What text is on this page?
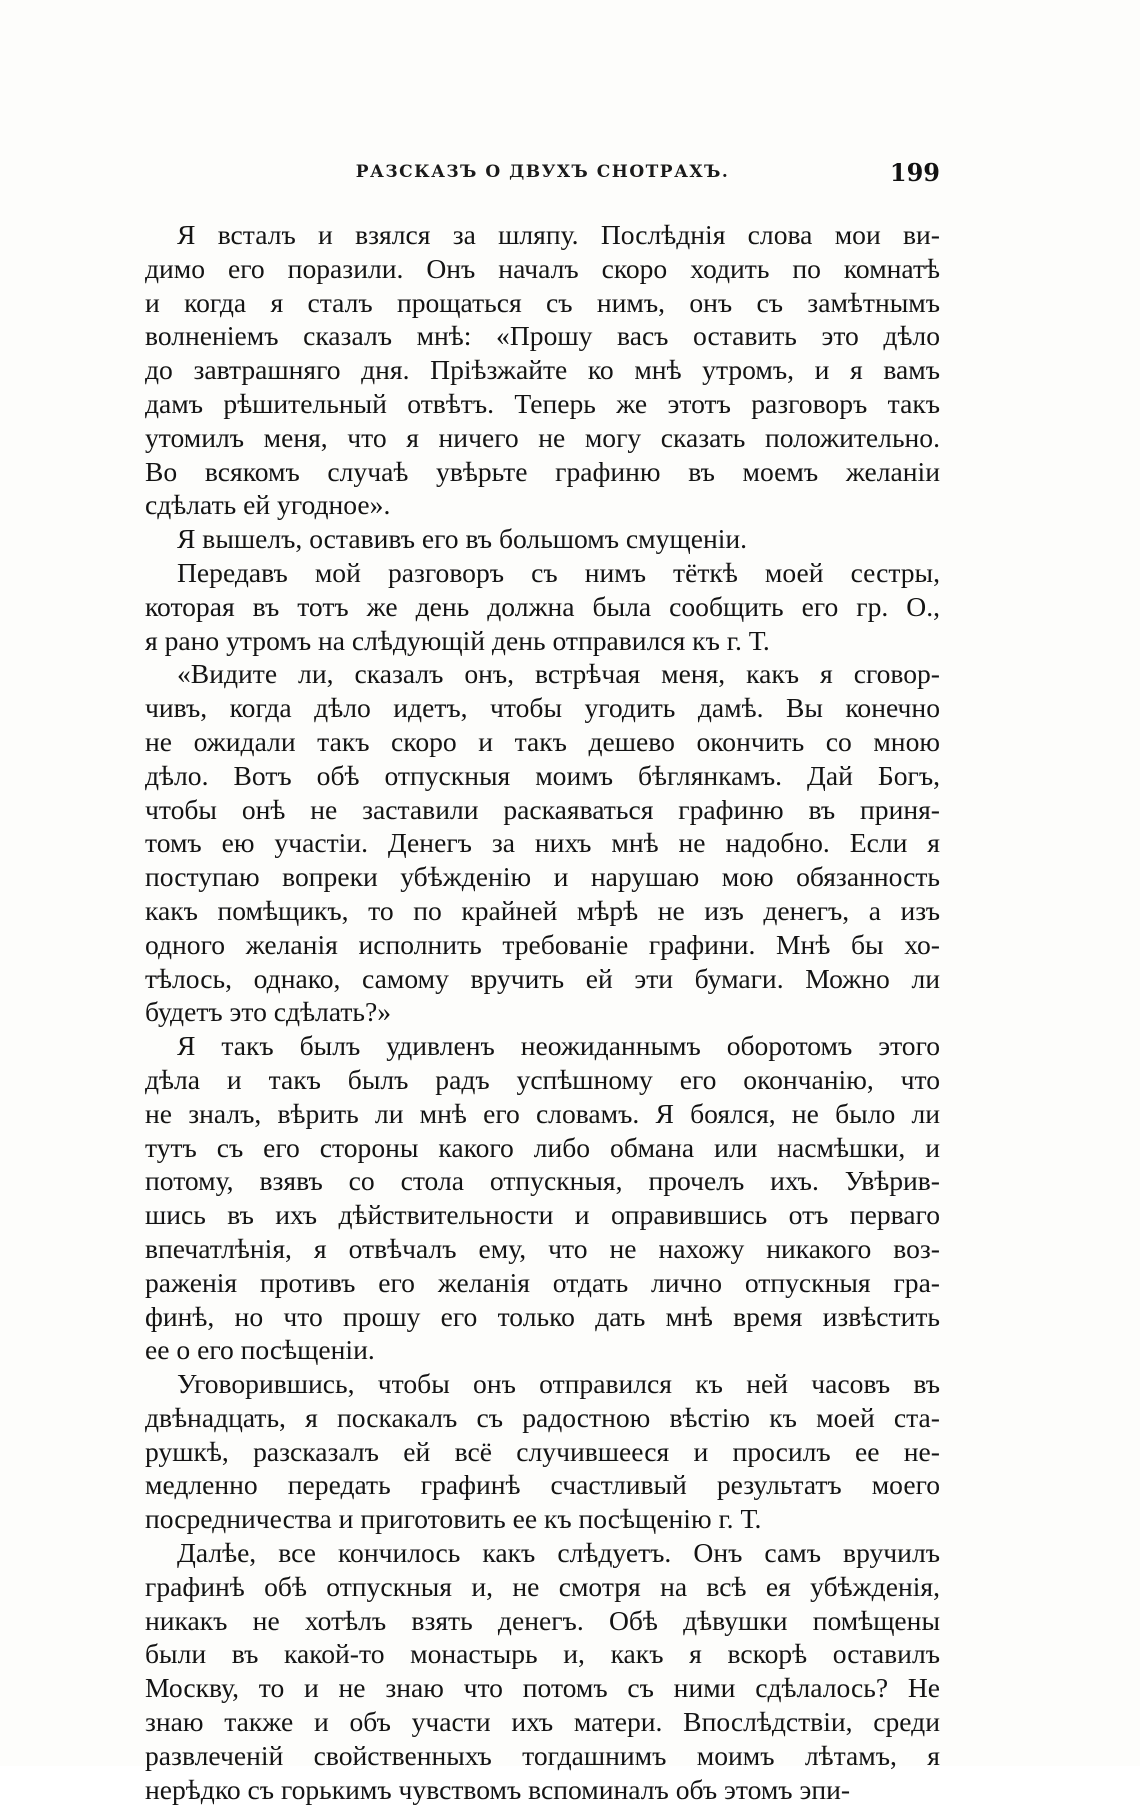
РАЗСКАЗЪ О ДВУХЪ СНОТРАХЪ.	199
Я всталъ и взялся за шляпу. Послѣднія слова мои ви-
димо его поразили. Онъ началъ скоро ходить по комнатѣ
и когда я сталъ прощаться съ нимъ, онъ съ замѣтнымъ
волненіемъ сказалъ мнѣ: «Прошу васъ оставить это дѣло
до завтрашняго дня. Пріѣзжайте ко мнѣ утромъ, и я вамъ
дамъ рѣшительный отвѣтъ. Теперь же этотъ разговоръ такъ
утомилъ меня, что я ничего не могу сказать положительно.
Во всякомъ случаѣ увѣрьте графиню въ моемъ желаніи
сдѣлать ей угодное».
Я вышелъ, оставивъ его въ большомъ смущеніи.
Передавъ мой разговоръ съ нимъ тёткѣ моей сестры,
которая въ тотъ же день должна была сообщить его гр. О.,
я рано утромъ на слѣдующій день отправился къ г. Т.
«Видите ли, сказалъ онъ, встрѣчая меня, какъ я сговор-
чивъ, когда дѣло идетъ, чтобы угодить дамѣ. Вы конечно
не ожидали такъ скоро и такъ дешево окончить со мною
дѣло. Вотъ обѣ отпускныя моимъ бѣглянкамъ. Дай Богъ,
чтобы онѣ не заставили раскаяваться графиню въ приня-
томъ ею участіи. Денегъ за нихъ мнѣ не надобно. Если я
поступаю вопреки убѣжденію и нарушаю мою обязанность
какъ помѣщикъ, то по крайней мѣрѣ не изъ денегъ, а изъ
одного желанія исполнить требованіе графини. Мнѣ бы хо-
тѣлось, однако, самому вручить ей эти бумаги. Можно ли
будетъ это сдѣлать?»
Я такъ былъ удивленъ неожиданнымъ оборотомъ этого
дѣла и такъ былъ радъ успѣшному его окончанію, что
не зналъ, вѣрить ли мнѣ его словамъ. Я боялся, не было ли
тутъ съ его стороны какого либо обмана или насмѣшки, и
потому, взявъ со стола отпускныя, прочелъ ихъ. Увѣрив-
шись въ ихъ дѣйствительности и оправившись отъ перваго
впечатлѣнія, я отвѣчалъ ему, что не нахожу никакого воз-
раженія противъ его желанія отдать лично отпускныя гра-
финѣ, но что прошу его только дать мнѣ время извѣстить
ее о его посѣщеніи.
Уговорившись, чтобы онъ отправился къ ней часовъ въ
двѣнадцать, я поскакалъ съ радостною вѣстію къ моей ста-
рушкѣ, разсказалъ ей всё случившееся и просилъ ее не-
медленно передать графинѣ счастливый результатъ моего
посредничества и приготовить ее къ посѣщенію г. Т.
Далѣе, все кончилось какъ слѣдуетъ. Онъ самъ вручилъ
графинѣ обѣ отпускныя и, не смотря на всѣ ея убѣжденія,
никакъ не хотѣлъ взять денегъ. Обѣ дѣвушки помѣщены
были въ какой-то монастырь и, какъ я вскорѣ оставилъ
Москву, то и не знаю что потомъ съ ними сдѣлалось? Не
знаю также и объ участи ихъ матери. Впослѣдствіи, среди
развлеченій свойственныхъ тогдашнимъ моимъ лѣтамъ, я
нерѣдко съ горькимъ чувствомъ вспоминалъ объ этомъ эпи-
